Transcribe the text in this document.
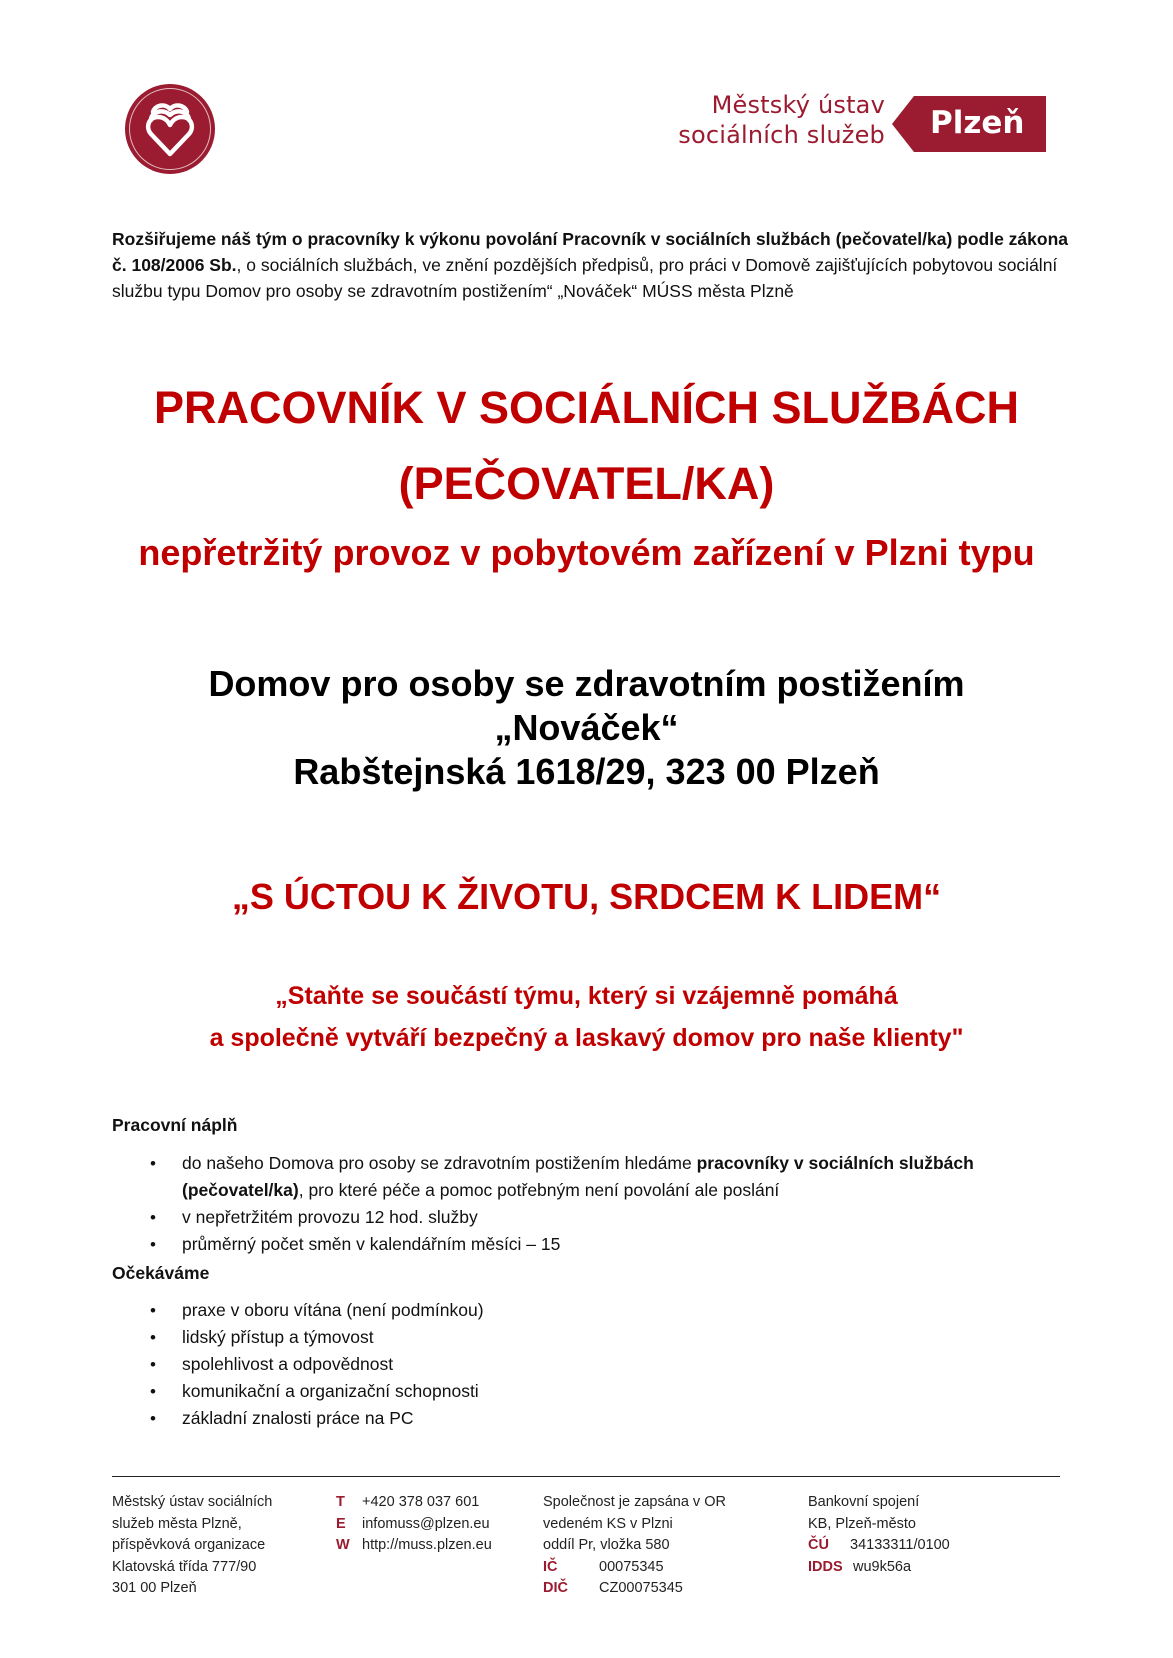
Městský ústav
sociálních služeb Plzeň
Rozšiřujeme náš tým o pracovníky k výkonu povolání Pracovník v sociálních službách (pečovatel/ka) podle zákona č. 108/2006 Sb., o sociálních službách, ve znění pozdějších předpisů, pro práci v Domově zajišťujících pobytovou sociální službu typu Domov pro osoby se zdravotním postižením“ „Nováček“ MÚSS města Plzně
PRACOVNÍK V SOCIÁLNÍCH SLUŽBÁCH
(PEČOVATEL/KA)
nepřetržitý provoz v pobytovém zařízení v Plzni typu
Domov pro osoby se zdravotním postižením
„Nováček“
Rabštejnská 1618/29, 323 00 Plzeň
„S ÚCTOU K ŽIVOTU, SRDCEM K LIDEM“
„Staňte se součástí týmu, který si vzájemně pomáhá
a společně vytváří bezpečný a laskavý domov pro naše klienty"
Pracovní náplň
• do našeho Domova pro osoby se zdravotním postižením hledáme pracovníky v sociálních službách (pečovatel/ka), pro které péče a pomoc potřebným není povolání ale poslání
• v nepřetržitém provozu 12 hod. služby
• průměrný počet směn v kalendářním měsíci – 15
Očekáváme
• praxe v oboru vítána (není podmínkou)
• lidský přístup a týmovost
• spolehlivost a odpovědnost
• komunikační a organizační schopnosti
• základní znalosti práce na PC
Městský ústav sociálních
služeb města Plzně,
příspěvková organizace
Klatovská třída 777/90
301 00 Plzeň
T +420 378 037 601
E infomuss@plzen.eu
W http://muss.plzen.eu
Společnost je zapsána v OR
vedeném KS v Plzni
oddíl Pr, vložka 580
IČ	00075345
DIČ CZ00075345
Bankovní spojení
KB, Plzeň-město
ČÚ 34133311/0100
IDDS wu9k56a
